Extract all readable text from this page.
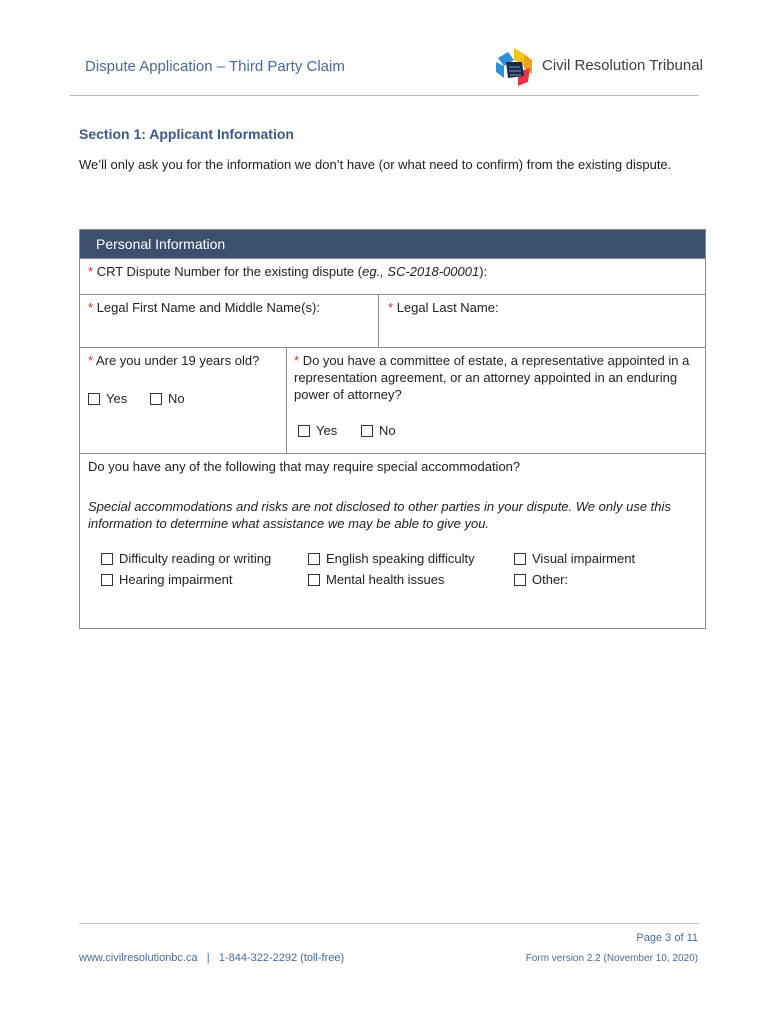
Dispute Application – Third Party Claim	Civil Resolution Tribunal
Section 1: Applicant Information
We’ll only ask you for the information we don’t have (or what need to confirm) from the existing dispute.
Personal Information
* CRT Dispute Number for the existing dispute (eg., SC-2018-00001):
* Legal First Name and Middle Name(s):	* Legal Last Name:
* Are you under 19 years old?
Yes	No
* Do you have a committee of estate, a representative appointed in a representation agreement, or an attorney appointed in an enduring power of attorney?
Yes	No
Do you have any of the following that may require special accommodation?
Special accommodations and risks are not disclosed to other parties in your dispute. We only use this information to determine what assistance we may be able to give you.
Difficulty reading or writing	English speaking difficulty	Visual impairment
Hearing impairment	Mental health issues	Other:
Page 3 of 11
www.civilresolutionbc.ca | 1-844-322-2292 (toll-free)	Form version 2.2 (November 10, 2020)
